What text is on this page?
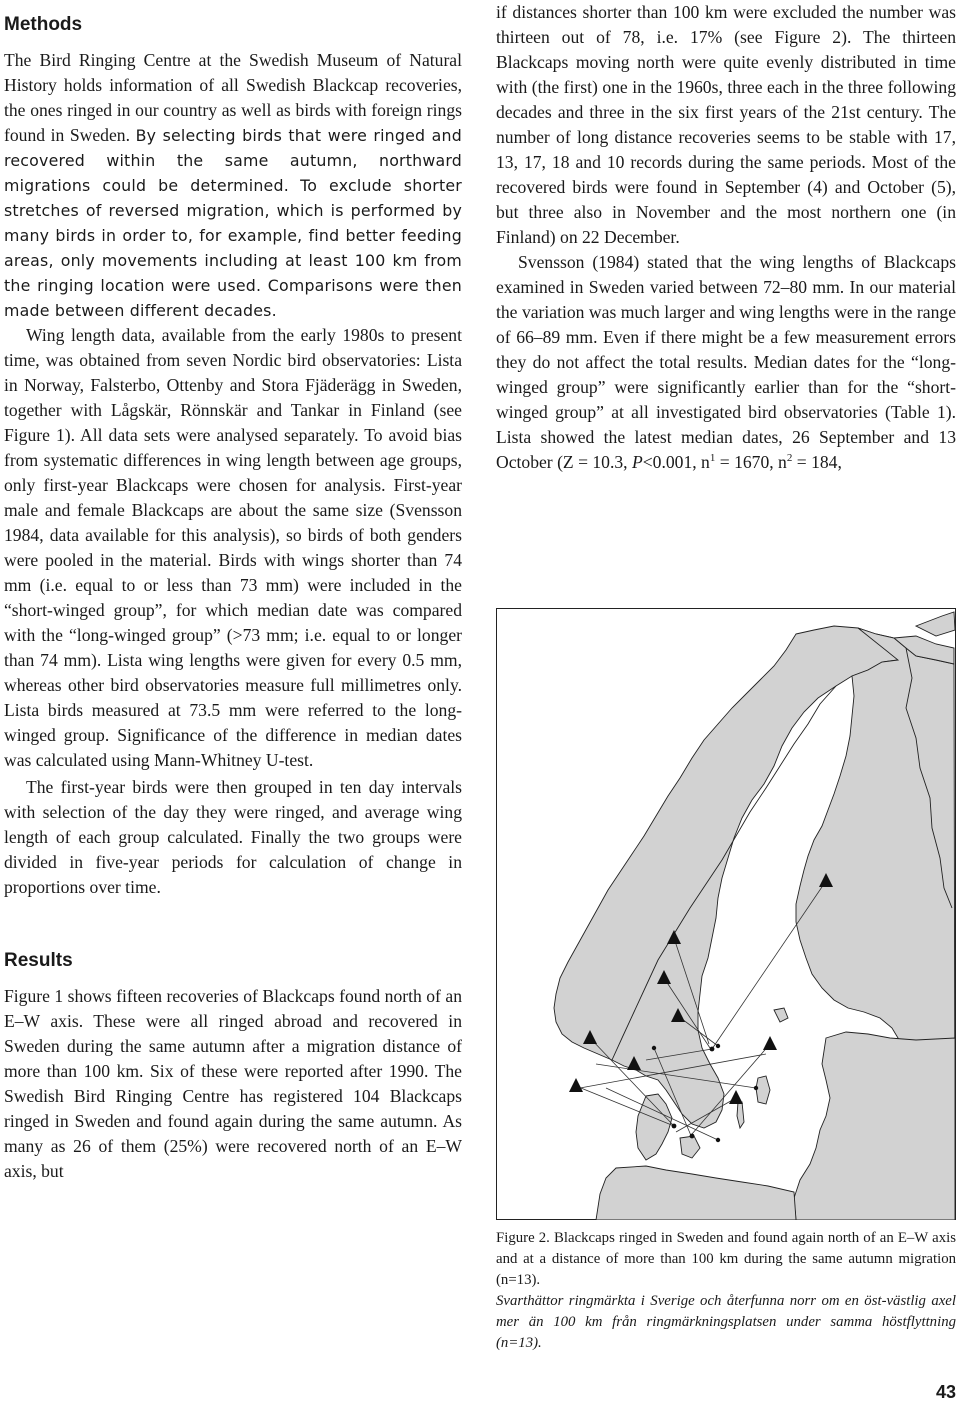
Methods

The Bird Ringing Centre at the Swedish Museum of Natural History holds information of all Swedish Blackcap recoveries, the ones ringed in our country as well as birds with foreign rings found in Sweden. By selecting birds that were ringed and recovered within the same autumn, northward migrations could be determined. To exclude shorter stretches of reversed migration, which is performed by many birds in order to, for example, find better feeding areas, only movements including at least 100 km from the ringing location were used. Comparisons were then made between different decades.

Wing length data, available from the early 1980s to present time, was obtained from seven Nordic bird observatories: Lista in Norway, Falsterbo, Ottenby and Stora Fjäderägg in Sweden, together with Lågskär, Rönnskär and Tankar in Finland (see Figure 1). All data sets were analysed separately. To avoid bias from systematic differences in wing length between age groups, only first-year Blackcaps were chosen for analysis. First-year male and female Blackcaps are about the same size (Svensson 1984, data available for this analysis), so birds of both genders were pooled in the material. Birds with wings shorter than 74 mm (i.e. equal to or less than 73 mm) were included in the “short-winged group”, for which median date was compared with the “long-winged group” (>73 mm; i.e. equal to or longer than 74 mm). Lista wing lengths were given for every 0.5 mm, whereas other bird observatories measure full millimetres only. Lista birds measured at 73.5 mm were referred to the long-winged group. Significance of the difference in median dates was calculated using Mann-Whitney U-test.

The first-year birds were then grouped in ten day intervals with selection of the day they were ringed, and average wing length of each group calculated. Finally the two groups were divided in five-year periods for calculation of change in proportions over time.

Results

Figure 1 shows fifteen recoveries of Blackcaps found north of an E–W axis. These were all ringed abroad and recovered in Sweden during the same autumn after a migration distance of more than 100 km. Six of these were reported after 1990. The Swedish Bird Ringing Centre has registered 104 Blackcaps ringed in Sweden and found again during the same autumn. As many as 26 of them (25%) were recovered north of an E–W axis, but

if distances shorter than 100 km were excluded the number was thirteen out of 78, i.e. 17% (see Figure 2). The thirteen Blackcaps moving north were quite evenly distributed in time with (the first) one in the 1960s, three each in the three following decades and three in the six first years of the 21st century. The number of long distance recoveries seems to be stable with 17, 13, 17, 18 and 10 records during the same periods. Most of the recovered birds were found in September (4) and October (5), but three also in November and the most northern one (in Finland) on 22 December.

Svensson (1984) stated that the wing lengths of Blackcaps examined in Sweden varied between 72–80 mm. In our material the variation was much larger and wing lengths were in the range of 66–89 mm. Even if there might be a few measurement errors they do not affect the total results. Median dates for the “long-winged group” were significantly earlier than for the “short-winged group” at all investigated bird observatories (Table 1). Lista showed the latest median dates, 26 September and 13 October (Z = 10.3, P<0.001, $n^1 = 1670$, $n^2 = 184$,

Figure 2. Blackcaps ringed in Sweden and found again north of an E–W axis and at a distance of more than 100 km during the same autumn migration (n=13).

Svarthättor ringmärkta i Sverige och återfunna norr om en öst-västlig axel mer än 100 km från ringmärkningsplatsen under samma höstflyttning (n=13).

43
